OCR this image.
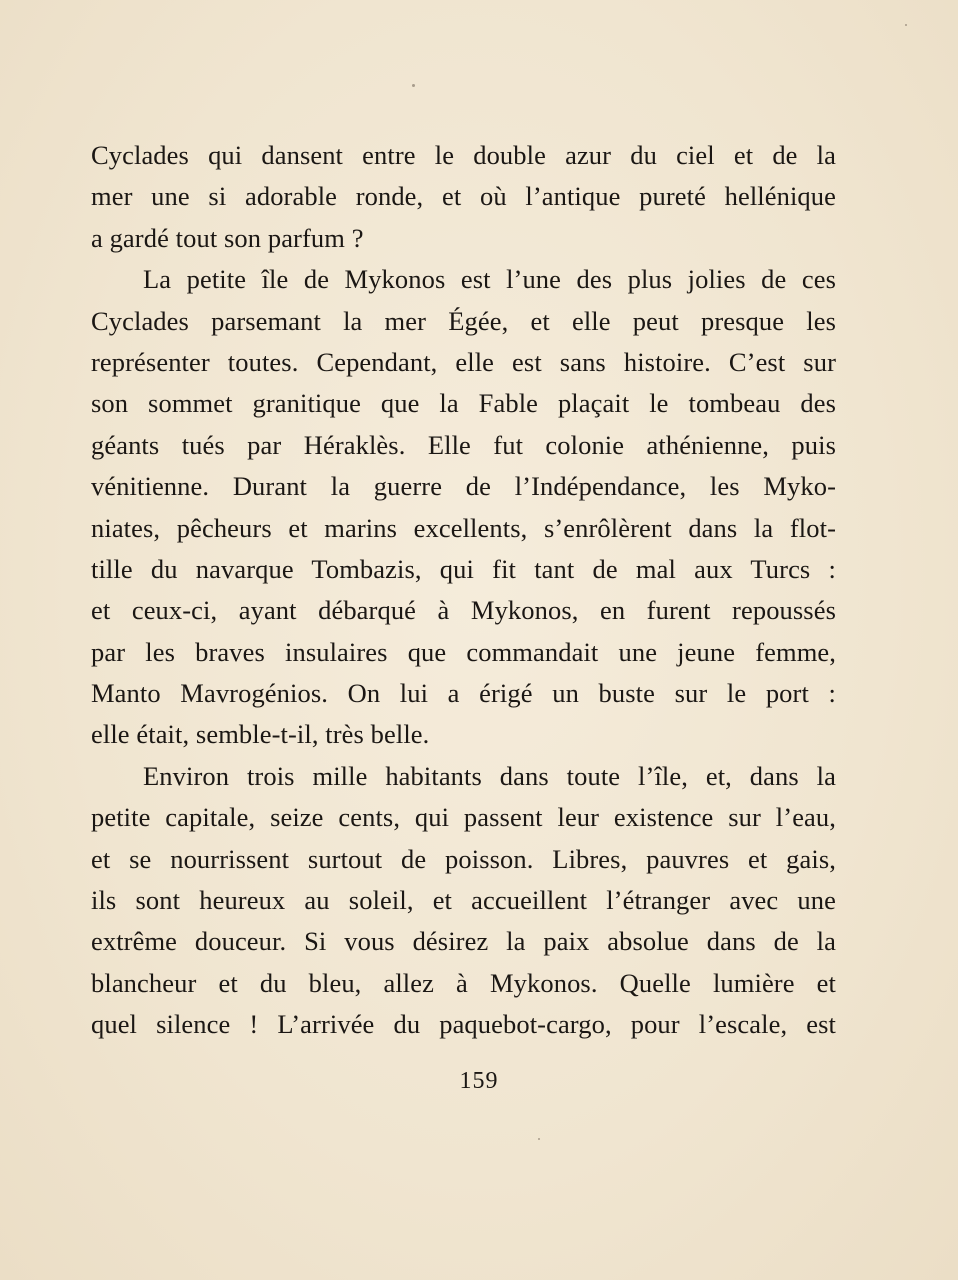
Cyclades qui dansent entre le double azur du ciel et de la
mer une si adorable ronde, et où l’antique pureté hellénique
a gardé tout son parfum ?
La petite île de Mykonos est l’une des plus jolies de ces
Cyclades parsemant la mer Égée, et elle peut presque les
représenter toutes. Cependant, elle est sans histoire. C’est sur
son sommet granitique que la Fable plaçait le tombeau des
géants tués par Héraklès. Elle fut colonie athénienne, puis
vénitienne. Durant la guerre de l’Indépendance, les Myko-
niates, pêcheurs et marins excellents, s’enrôlèrent dans la flot-
tille du navarque Tombazis, qui fit tant de mal aux Turcs :
et ceux-ci, ayant débarqué à Mykonos, en furent repoussés
par les braves insulaires que commandait une jeune femme,
Manto Mavrogénios. On lui a érigé un buste sur le port :
elle était, semble-t-il, très belle.
Environ trois mille habitants dans toute l’île, et, dans la
petite capitale, seize cents, qui passent leur existence sur l’eau,
et se nourrissent surtout de poisson. Libres, pauvres et gais,
ils sont heureux au soleil, et accueillent l’étranger avec une
extrême douceur. Si vous désirez la paix absolue dans de la
blancheur et du bleu, allez à Mykonos. Quelle lumière et
quel silence ! L’arrivée du paquebot-cargo, pour l’escale, est
159
